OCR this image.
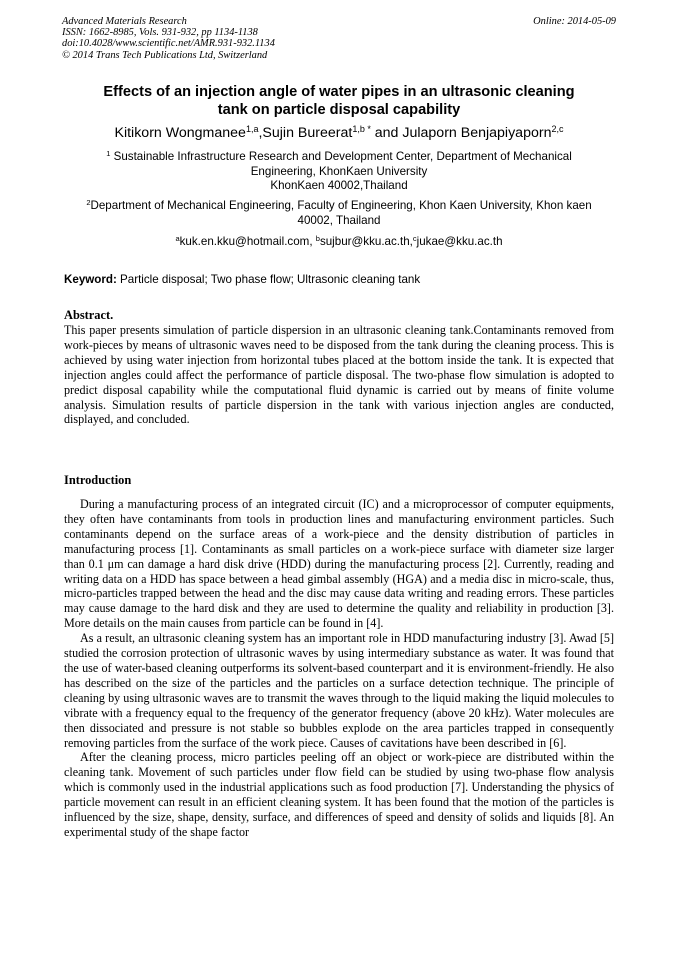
Advanced Materials Research
ISSN: 1662-8985, Vols. 931-932, pp 1134-1138
doi:10.4028/www.scientific.net/AMR.931-932.1134
© 2014 Trans Tech Publications Ltd, Switzerland
Online: 2014-05-09
Effects of an injection angle of water pipes in an ultrasonic cleaning
tank on particle disposal capability
Kitikorn Wongmanee$^{1,a}$,Sujin Bureerat$^{1,b *}$ and Julaporn Benjapiyaporn$^{2,c}$
$^1$ Sustainable Infrastructure Research and Development Center, Department of Mechanical
Engineering, KhonKaen University
KhonKaen 40002,Thailand
$^2$Department of Mechanical Engineering, Faculty of Engineering, Khon Kaen University, Khon kaen
40002, Thailand
$^a$kuk.en.kku@hotmail.com, $^b$sujbur@kku.ac.th,$^c$jukae@kku.ac.th
Keyword: Particle disposal; Two phase flow; Ultrasonic cleaning tank
Abstract.

This paper presents simulation of particle dispersion in an ultrasonic cleaning tank.Contaminants removed from work-pieces by means of ultrasonic waves need to be disposed from the tank during the cleaning process. This is achieved by using water injection from horizontal tubes placed at the bottom inside the tank. It is expected that injection angles could affect the performance of particle disposal. The two-phase flow simulation is adopted to predict disposal capability while the computational fluid dynamic is carried out by means of finite volume analysis. Simulation results of particle dispersion in the tank with various injection angles are conducted, displayed, and concluded.

Introduction

During a manufacturing process of an integrated circuit (IC) and a microprocessor of computer equipments, they often have contaminants from tools in production lines and manufacturing environment particles. Such contaminants depend on the surface areas of a work-piece and the density distribution of particles in manufacturing process [1]. Contaminants as small particles on a work-piece surface with diameter size larger than 0.1 μm can damage a hard disk drive (HDD) during the manufacturing process [2]. Currently, reading and writing data on a HDD has space between a head gimbal assembly (HGA) and a media disc in micro-scale, thus, micro-particles trapped between the head and the disc may cause data writing and reading errors. These particles may cause damage to the hard disk and they are used to determine the quality and reliability in production [3]. More details on the main causes from particle can be found in [4].

As a result, an ultrasonic cleaning system has an important role in HDD manufacturing industry [3]. Awad [5] studied the corrosion protection of ultrasonic waves by using intermediary substance as water. It was found that the use of water-based cleaning outperforms its solvent-based counterpart and it is environment-friendly. He also has described on the size of the particles and the particles on a surface detection technique. The principle of cleaning by using ultrasonic waves are to transmit the waves through to the liquid making the liquid molecules to vibrate with a frequency equal to the frequency of the generator frequency (above 20 kHz). Water molecules are then dissociated and pressure is not stable so bubbles explode on the area particles trapped in consequently removing particles from the surface of the work piece. Causes of cavitations have been described in [6].

After the cleaning process, micro particles peeling off an object or work-piece are distributed within the cleaning tank. Movement of such particles under flow field can be studied by using two-phase flow analysis which is commonly used in the industrial applications such as food production [7]. Understanding the physics of particle movement can result in an efficient cleaning system. It has been found that the motion of the particles is influenced by the size, shape, density, surface, and differences of speed and density of solids and liquids [8]. An experimental study of the shape factor
